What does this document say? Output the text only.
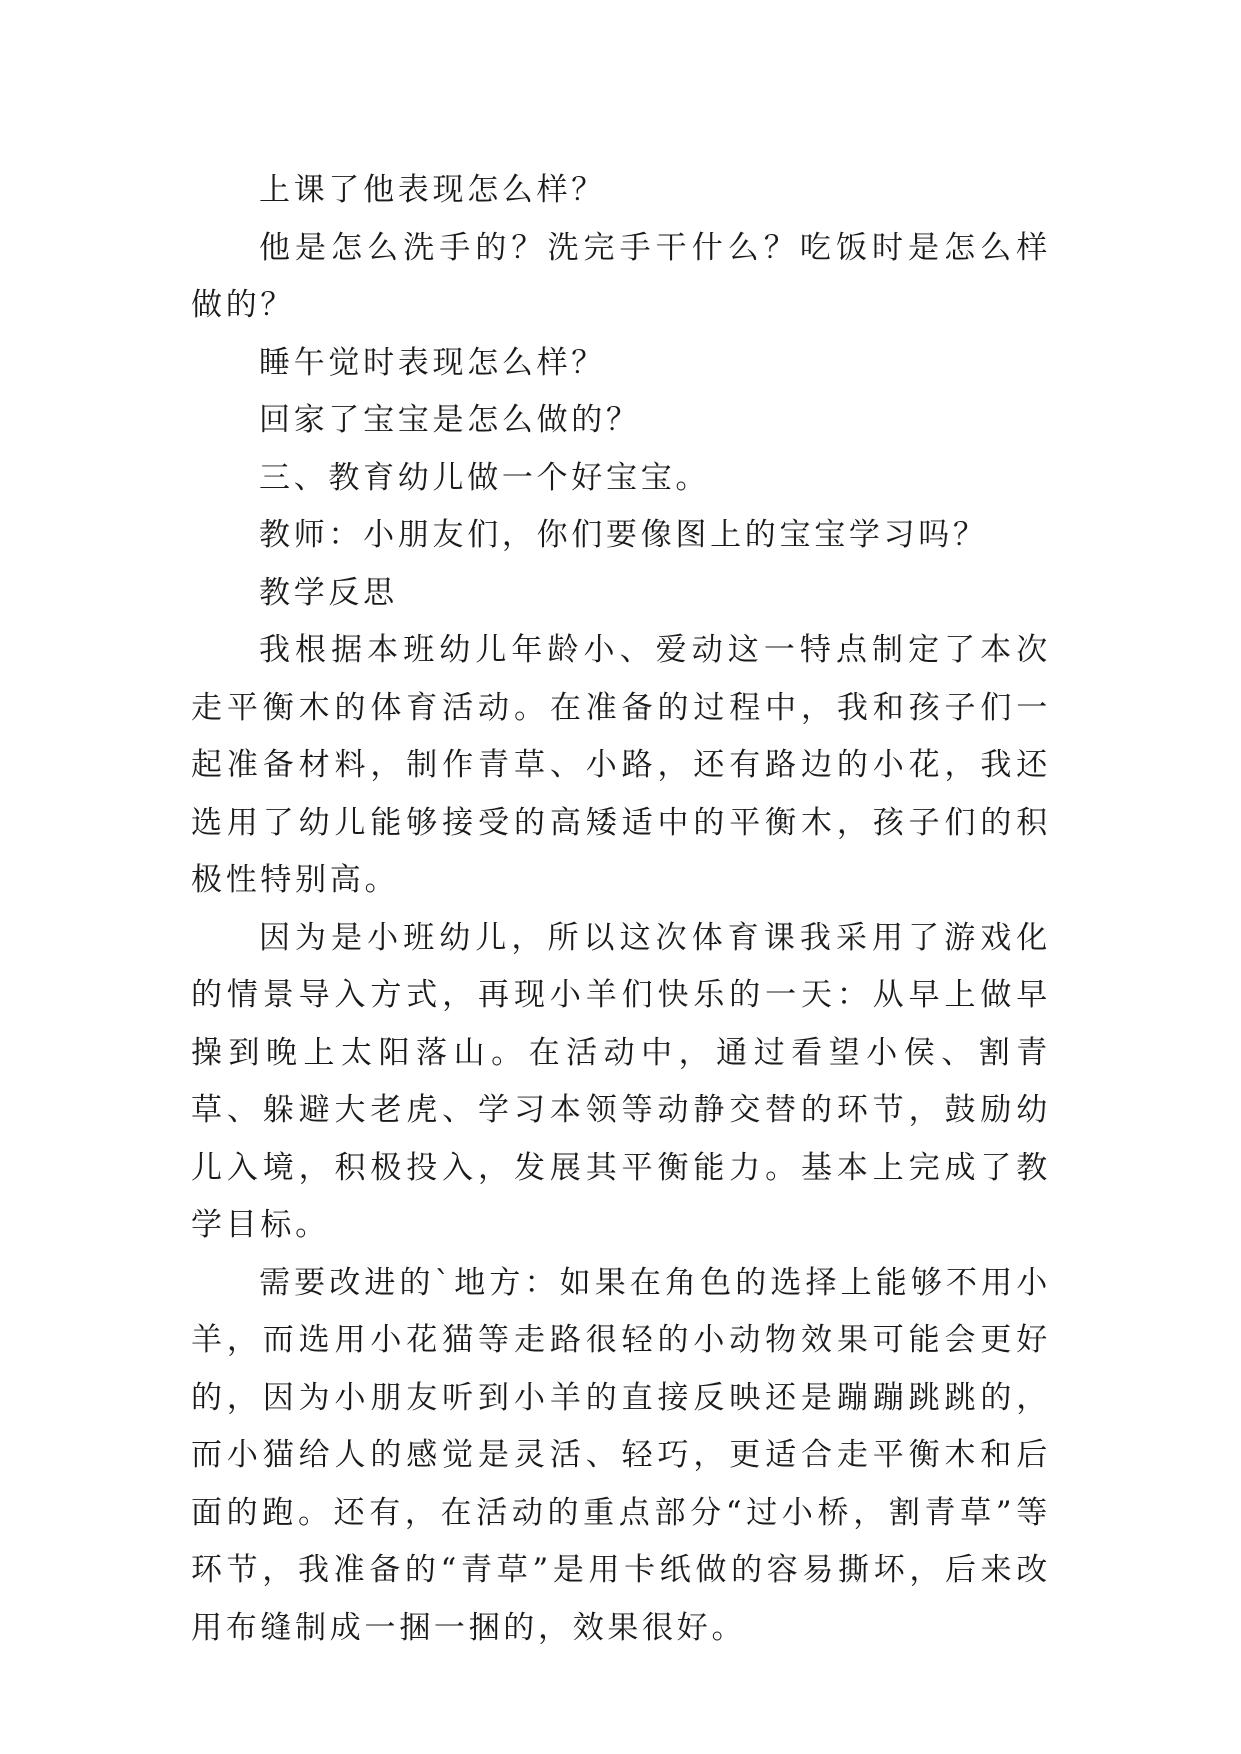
上课了他表现怎么样？

他是怎么洗手的？洗完手干什么？吃饭时是怎么样做的？

睡午觉时表现怎么样？

回家了宝宝是怎么做的？

三、教育幼儿做一个好宝宝。

教师：小朋友们，你们要像图上的宝宝学习吗？

教学反思

我根据本班幼儿年龄小、爱动这一特点制定了本次走平衡木的体育活动。在准备的过程中，我和孩子们一起准备材料，制作青草、小路，还有路边的小花，我还选用了幼儿能够接受的高矮适中的平衡木，孩子们的积极性特别高。

因为是小班幼儿，所以这次体育课我采用了游戏化的情景导入方式，再现小羊们快乐的一天：从早上做早操到晚上太阳落山。在活动中，通过看望小侯、割青草、躲避大老虎、学习本领等动静交替的环节，鼓励幼儿入境，积极投入，发展其平衡能力。基本上完成了教学目标。

需要改进的`地方：如果在角色的选择上能够不用小羊，而选用小花猫等走路很轻的小动物效果可能会更好的，因为小朋友听到小羊的直接反映还是蹦蹦跳跳的，而小猫给人的感觉是灵活、轻巧，更适合走平衡木和后面的跑。还有，在活动的重点部分“过小桥，割青草”等环节，我准备的“青草”是用卡纸做的容易撕坏，后来改用布缝制成一捆一捆的，效果很好。
